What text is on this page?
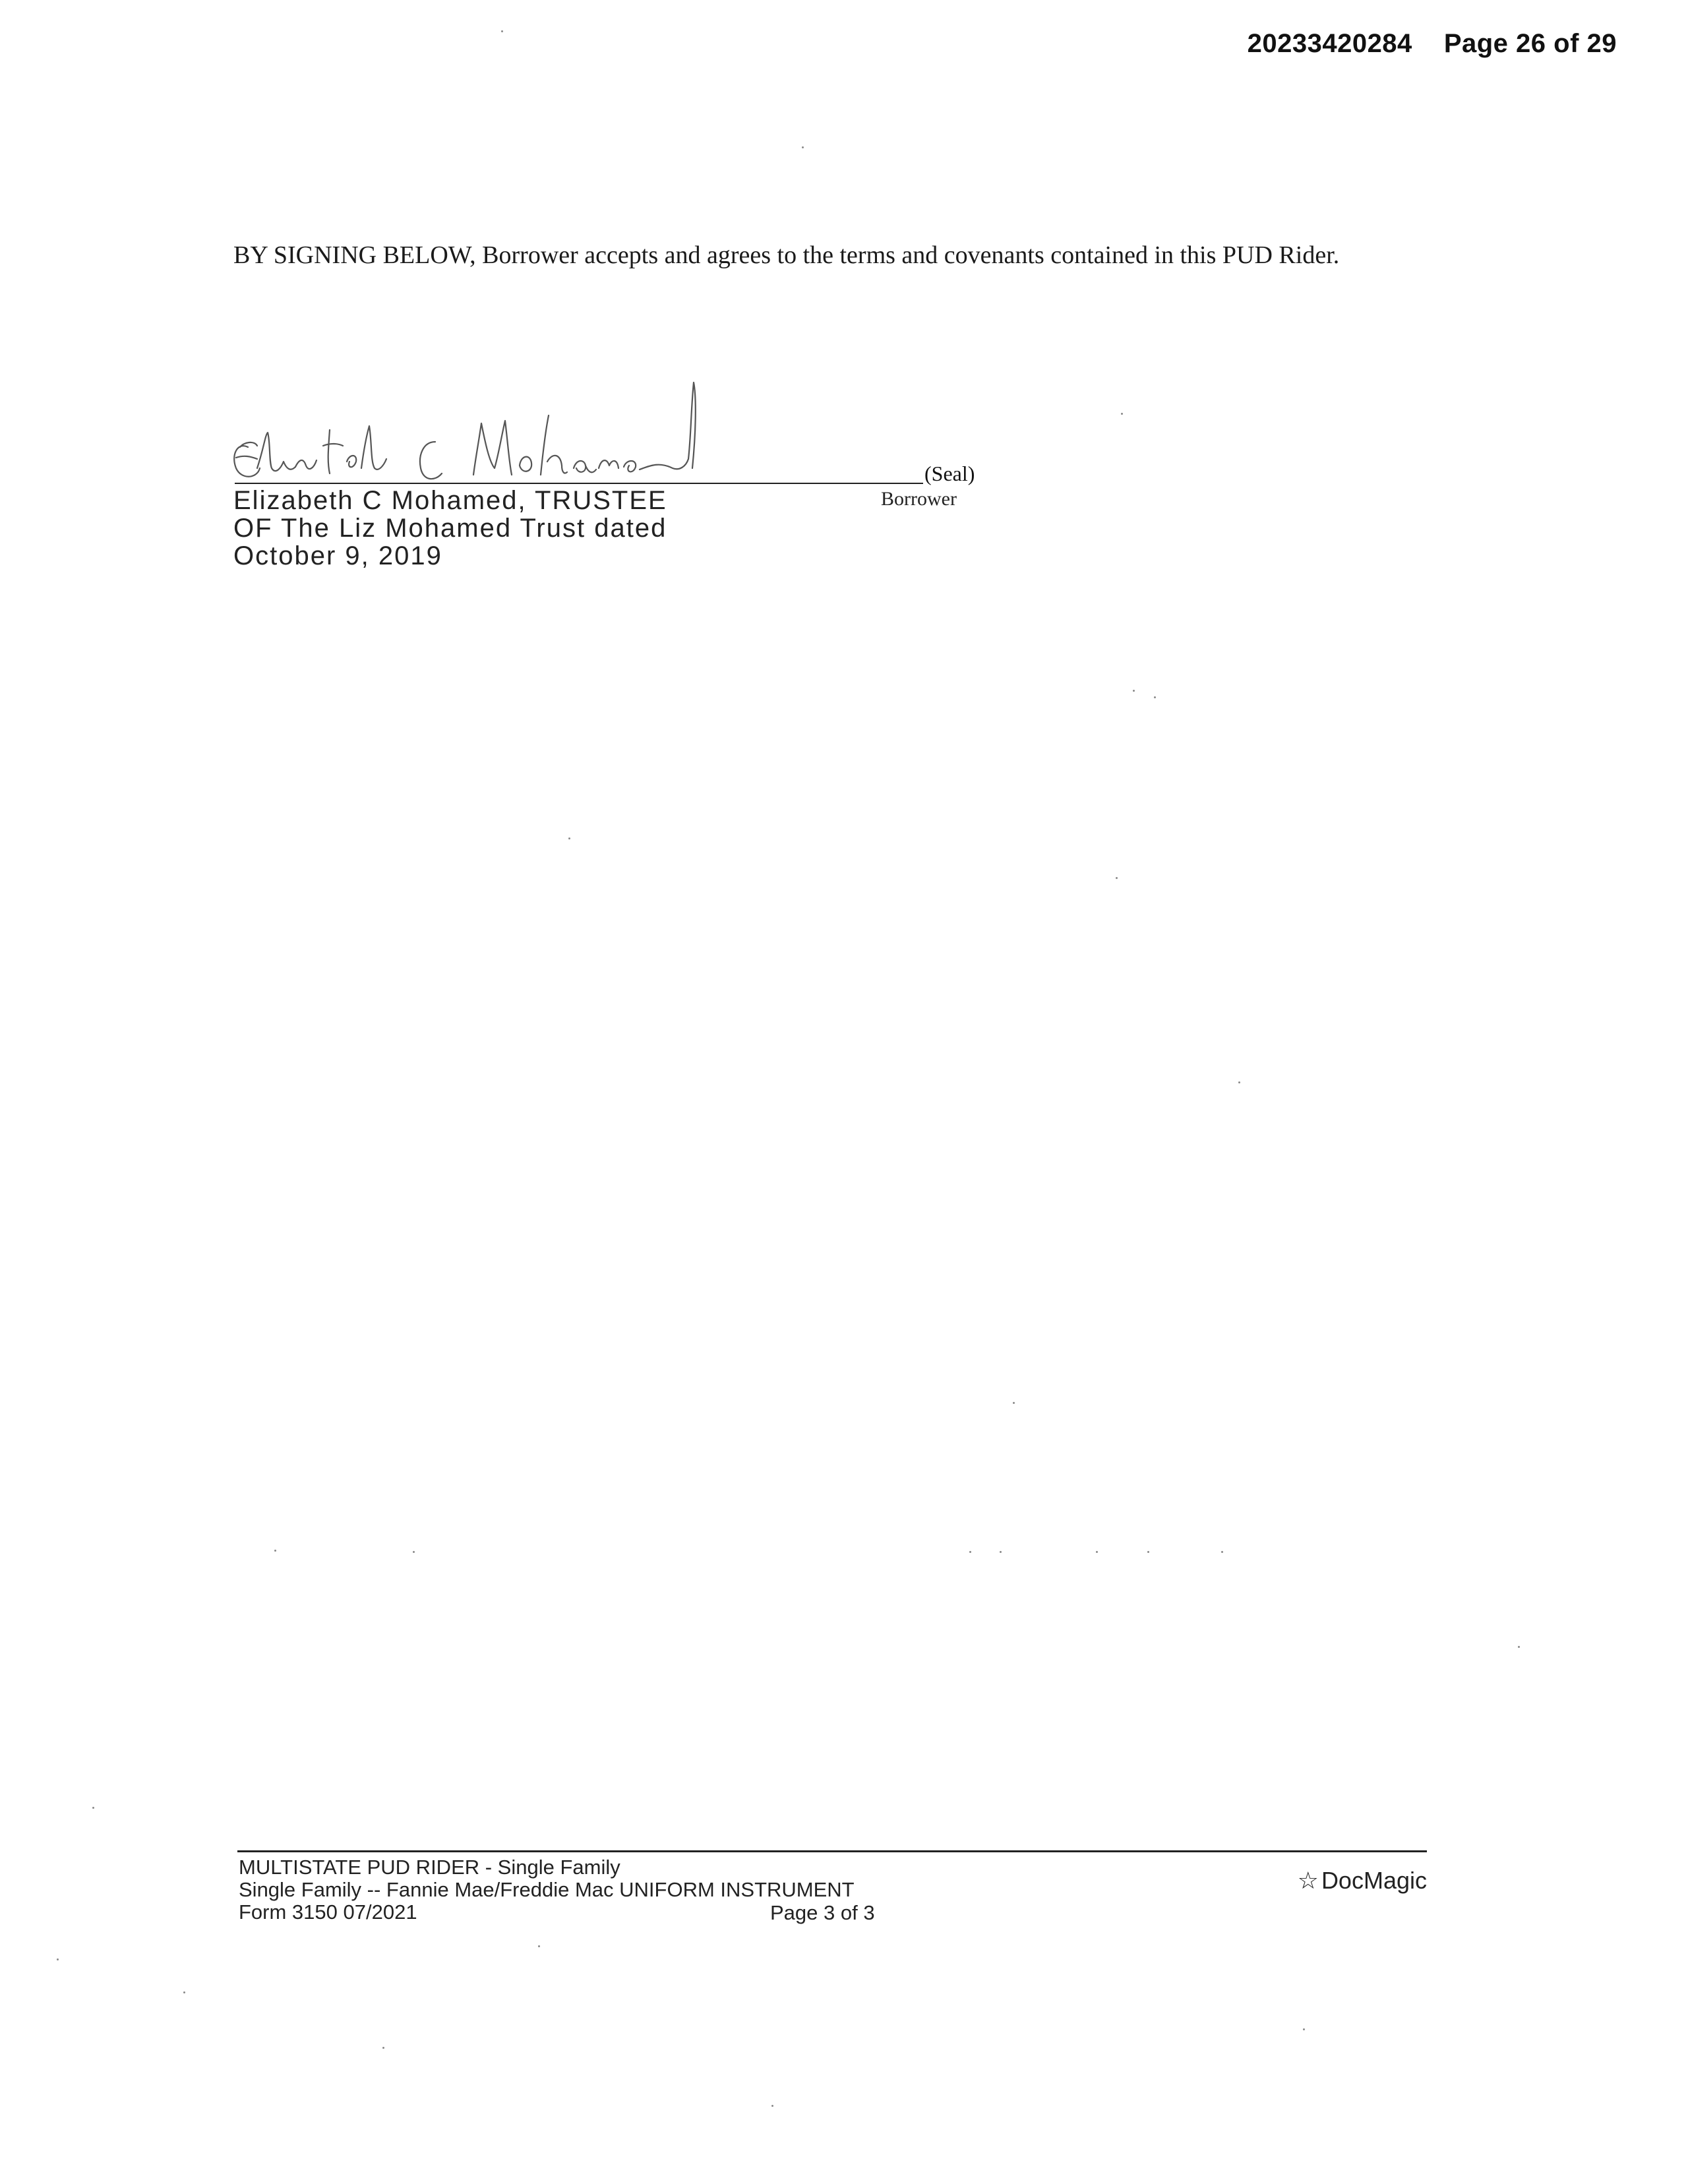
20233420284 Page 26 of 29
BY SIGNING BELOW, Borrower accepts and agrees to the terms and covenants contained in this PUD Rider.
(Seal)
Elizabeth C Mohamed, TRUSTEE
OF The Liz Mohamed Trust dated
October 9, 2019
Borrower
MULTISTATE PUD RIDER - Single Family
Single Family -- Fannie Mae/Freddie Mac UNIFORM INSTRUMENT
Form 3150 07/2021	Page 3 of 3
☆ DocMagic
